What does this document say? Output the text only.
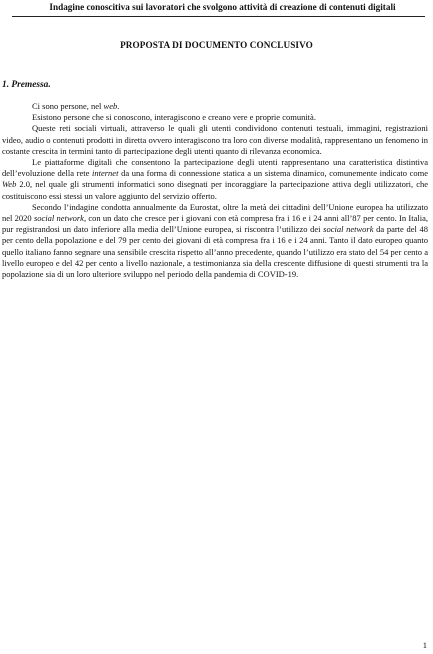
Indagine conoscitiva sui lavoratori che svolgono attività di creazione di contenuti digitali
PROPOSTA DI DOCUMENTO CONCLUSIVO
1. Premessa.

Ci sono persone, nel web.

Esistono persone che si conoscono, interagiscono e creano vere e proprie comunità.

Queste reti sociali virtuali, attraverso le quali gli utenti condividono contenuti testuali, immagini, registrazioni video, audio o contenuti prodotti in diretta ovvero interagiscono tra loro con diverse modalità, rappresentano un fenomeno in costante crescita in termini tanto di partecipazione degli utenti quanto di rilevanza economica.

Le piattaforme digitali che consentono la partecipazione degli utenti rappresentano una caratteristica distintiva dell’evoluzione della rete internet da una forma di connessione statica a un sistema dinamico, comunemente indicato come Web 2.0, nel quale gli strumenti informatici sono disegnati per incoraggiare la partecipazione attiva degli utilizzatori, che costituiscono essi stessi un valore aggiunto del servizio offerto.

Secondo l’indagine condotta annualmente da Eurostat, oltre la metà dei cittadini dell’Unione europea ha utilizzato nel 2020 social network, con un dato che cresce per i giovani con età compresa fra i 16 e i 24 anni all’87 per cento. In Italia, pur registrandosi un dato inferiore alla media dell’Unione europea, si riscontra l’utilizzo dei social network da parte del 48 per cento della popolazione e del 79 per cento dei giovani di età compresa fra i 16 e i 24 anni. Tanto il dato europeo quanto quello italiano fanno segnare una sensibile crescita rispetto all’anno precedente, quando l’utilizzo era stato del 54 per cento a livello europeo e del 42 per cento a livello nazionale, a testimonianza sia della crescente diffusione di questi strumenti tra la popolazione sia di un loro ulteriore sviluppo nel periodo della pandemia di COVID-19.

1
